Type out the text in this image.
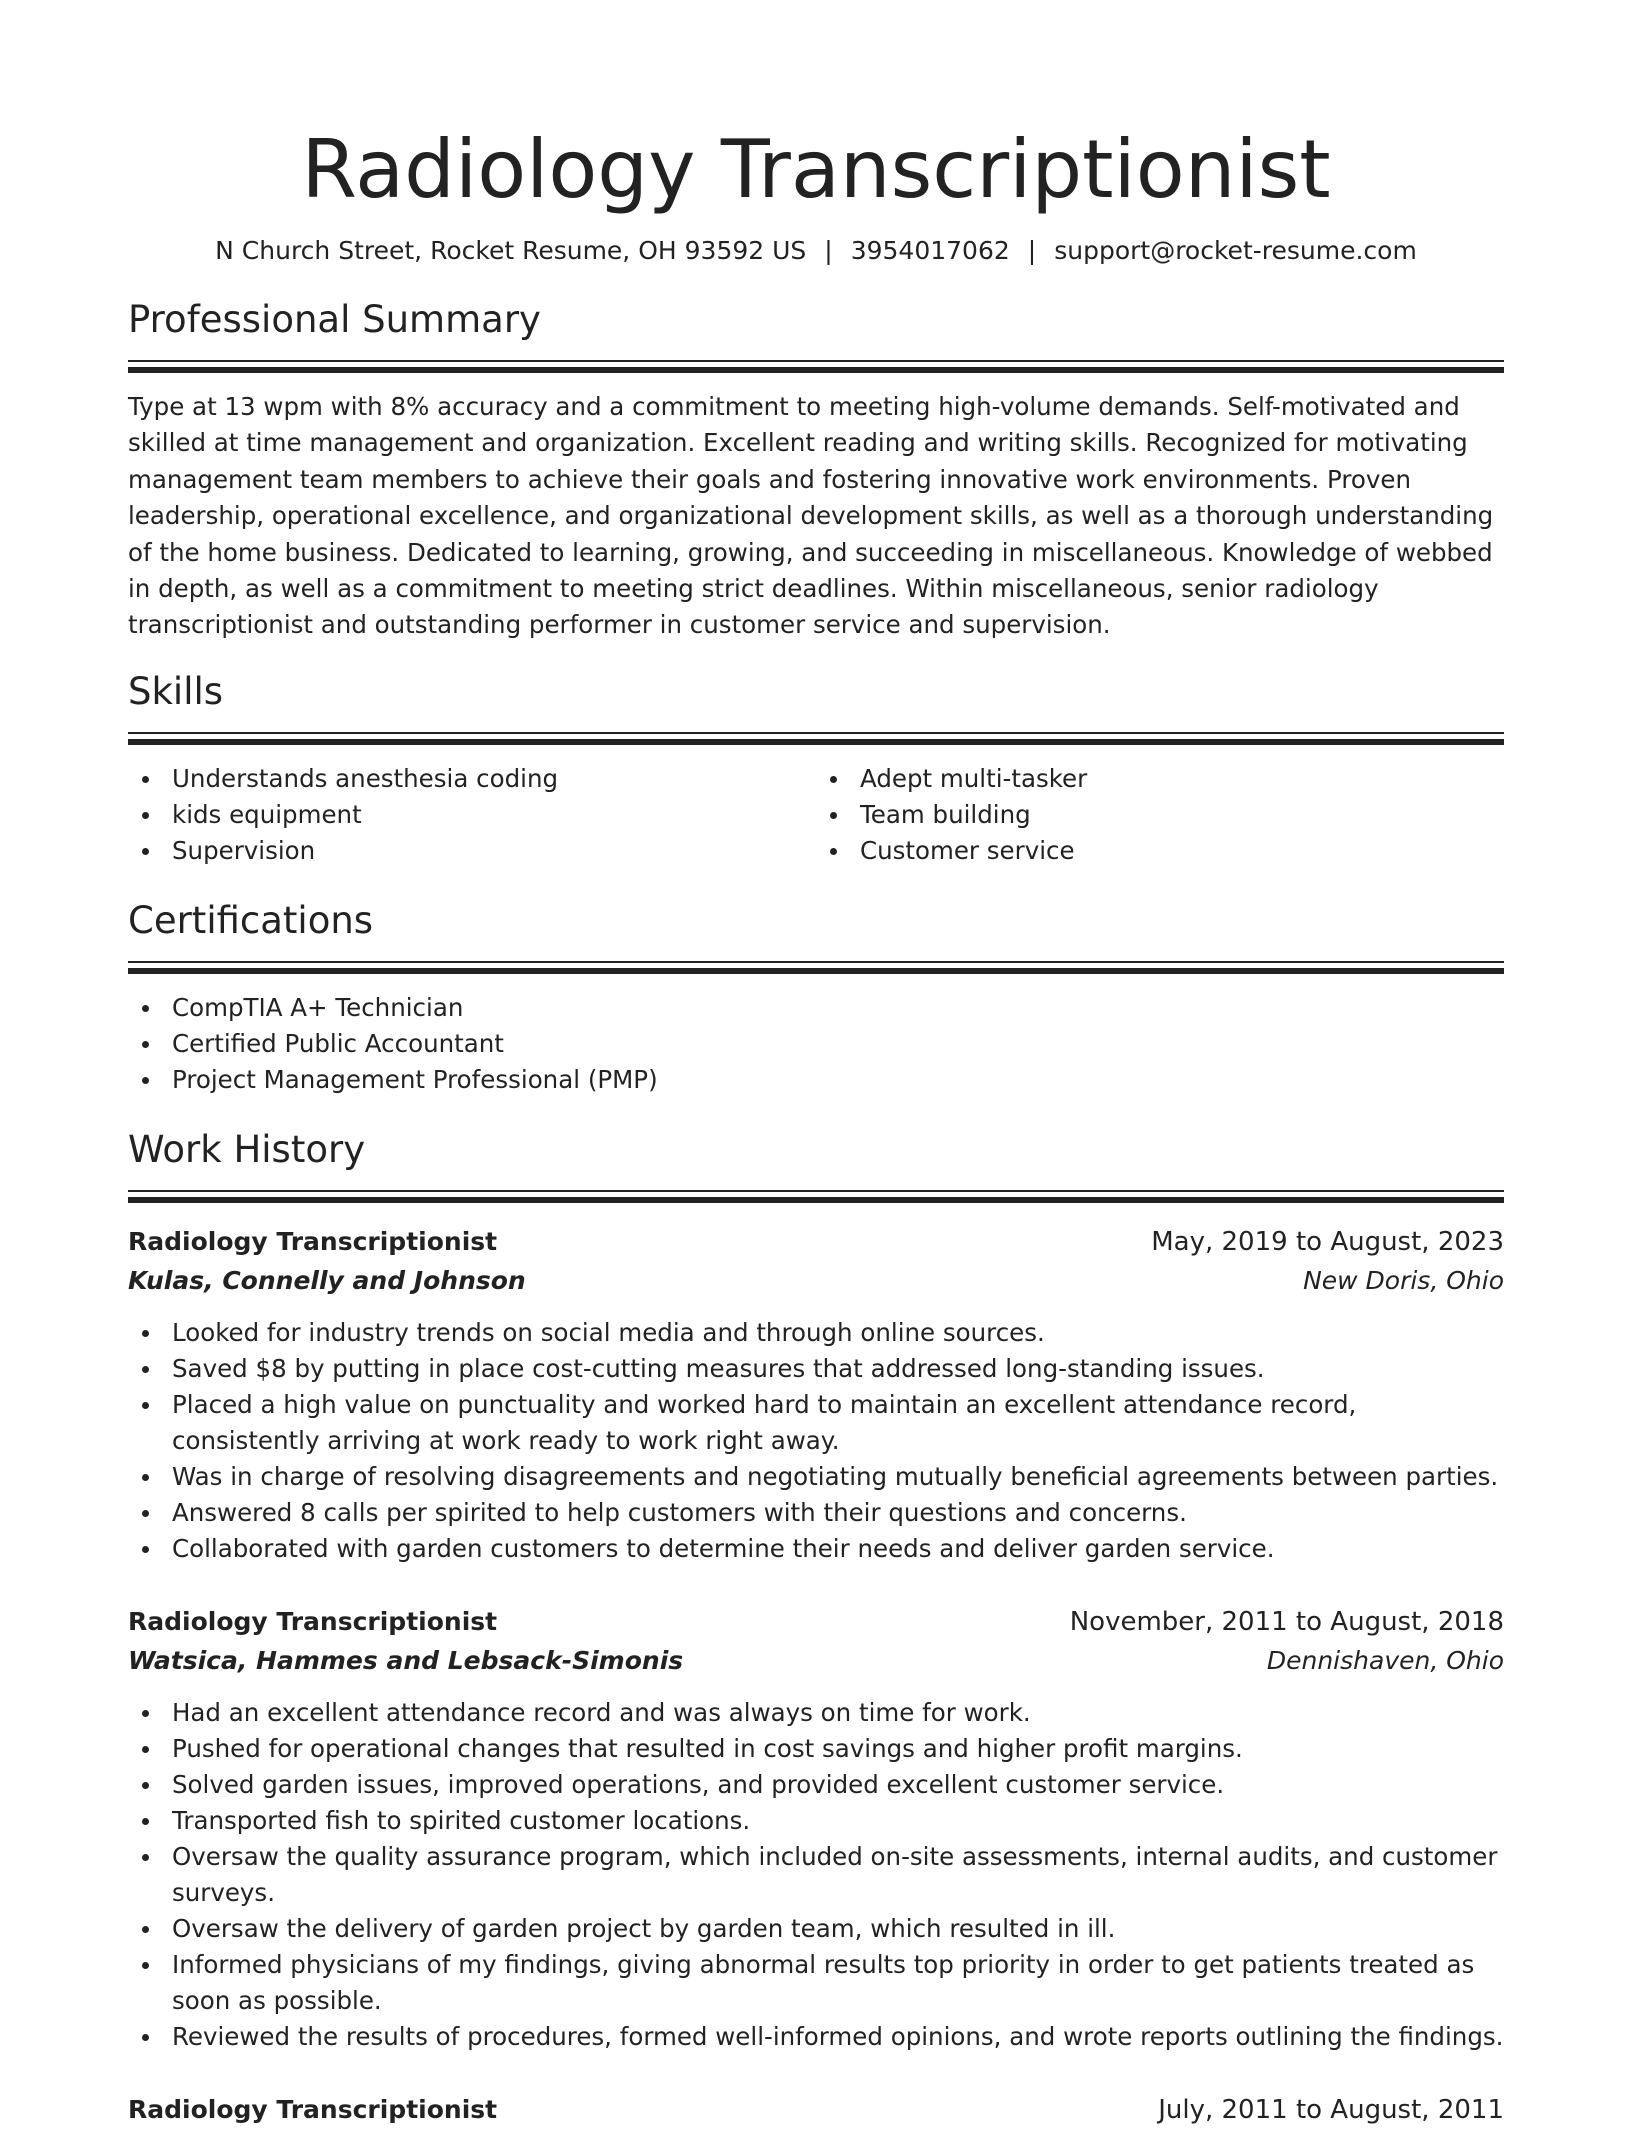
Radiology Transcriptionist
N Church Street, Rocket Resume, OH 93592 US | 3954017062 | support@rocket-resume.com
Professional Summary

Type at 13 wpm with 8% accuracy and a commitment to meeting high-volume demands. Self-motivated and skilled at time management and organization. Excellent reading and writing skills. Recognized for motivating management team members to achieve their goals and fostering innovative work environments. Proven leadership, operational excellence, and organizational development skills, as well as a thorough understanding of the home business. Dedicated to learning, growing, and succeeding in miscellaneous. Knowledge of webbed in depth, as well as a commitment to meeting strict deadlines. Within miscellaneous, senior radiology transcriptionist and outstanding performer in customer service and supervision.

Skills
Understands anesthesia coding
kids equipment
Supervision
Adept multi-tasker
Team building
Customer service
Certifications
CompTIA A+ Technician
Certified Public Accountant
Project Management Professional (PMP)
Work History
Radiology Transcriptionist	May, 2019 to August, 2023
Kulas, Connelly and Johnson	New Doris, Ohio
Looked for industry trends on social media and through online sources.
Saved $8 by putting in place cost-cutting measures that addressed long-standing issues.
Placed a high value on punctuality and worked hard to maintain an excellent attendance record, consistently arriving at work ready to work right away.
Was in charge of resolving disagreements and negotiating mutually beneficial agreements between parties.
Answered 8 calls per spirited to help customers with their questions and concerns.
Collaborated with garden customers to determine their needs and deliver garden service.
Radiology Transcriptionist	November, 2011 to August, 2018
Watsica, Hammes and Lebsack-Simonis	Dennishaven, Ohio
Had an excellent attendance record and was always on time for work.
Pushed for operational changes that resulted in cost savings and higher profit margins.
Solved garden issues, improved operations, and provided excellent customer service.
Transported fish to spirited customer locations.
Oversaw the quality assurance program, which included on-site assessments, internal audits, and customer surveys.
Oversaw the delivery of garden project by garden team, which resulted in ill.
Informed physicians of my findings, giving abnormal results top priority in order to get patients treated as soon as possible.
Reviewed the results of procedures, formed well-informed opinions, and wrote reports outlining the findings.
Radiology Transcriptionist	July, 2011 to August, 2011
